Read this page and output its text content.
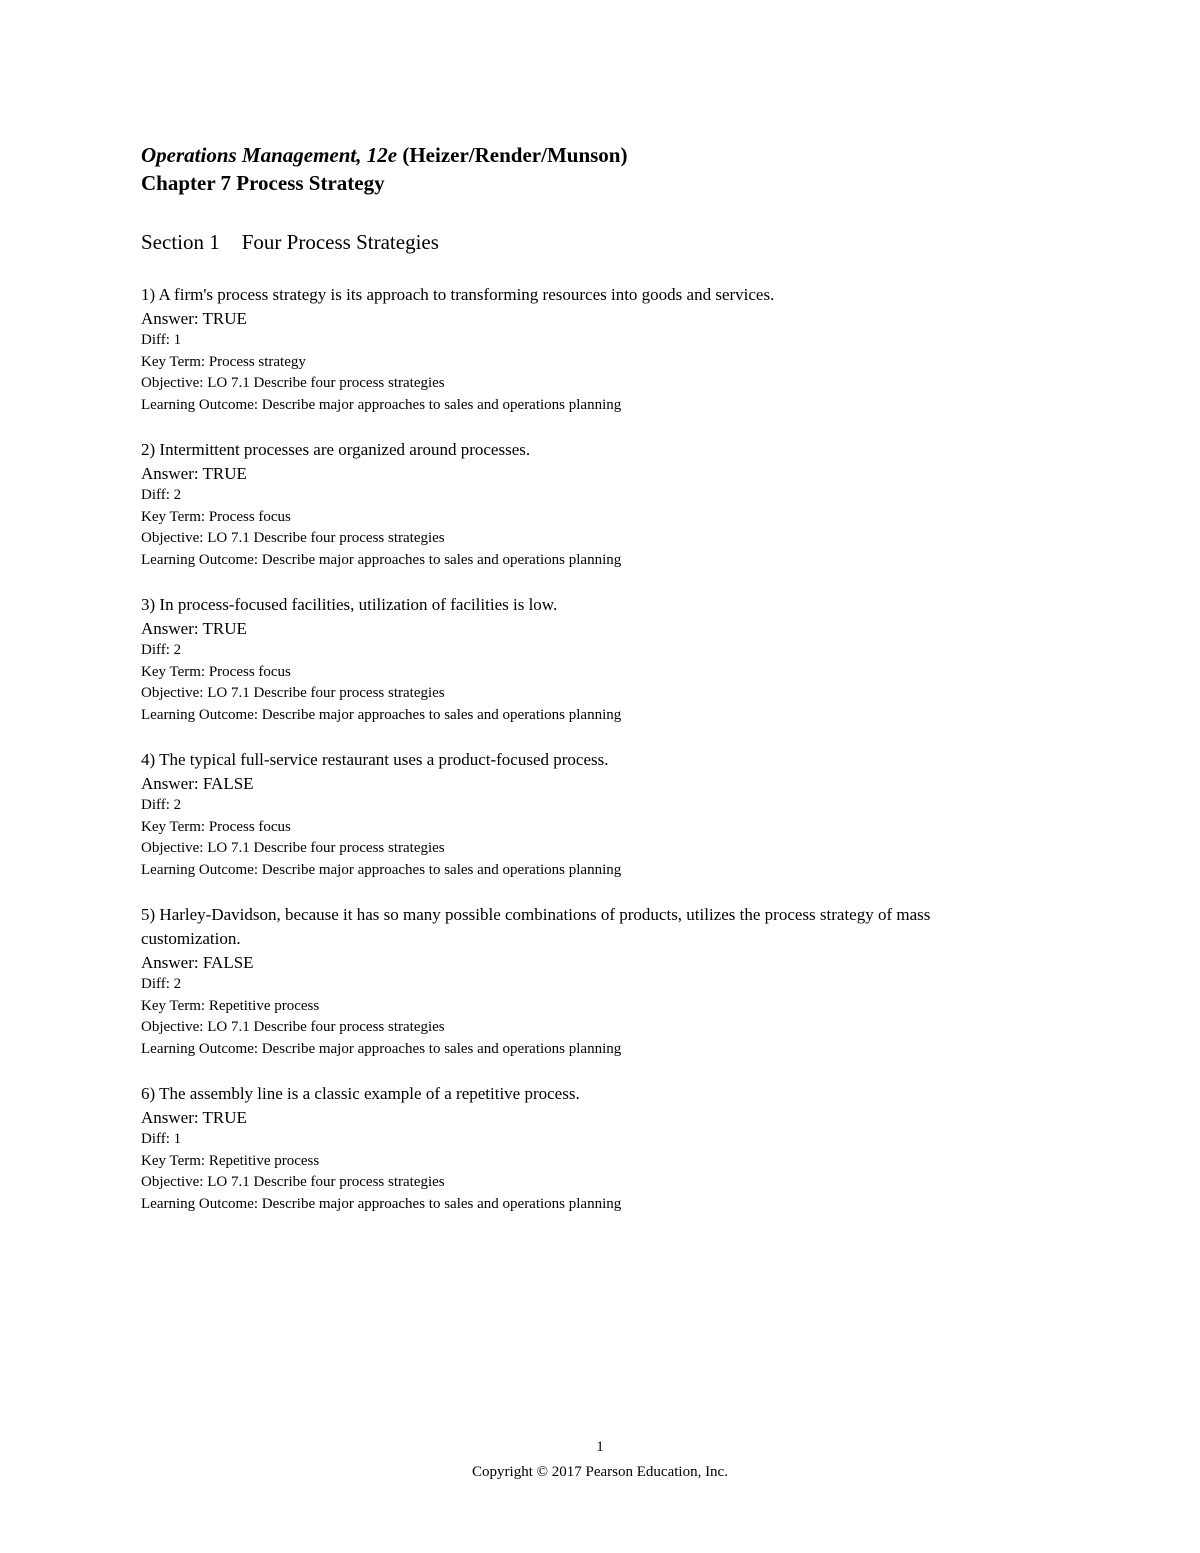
Operations Management, 12e (Heizer/Render/Munson)
Chapter 7 Process Strategy
Section 1 Four Process Strategies
1) A firm's process strategy is its approach to transforming resources into goods and services.
Answer: TRUE
Diff: 1
Key Term: Process strategy
Objective: LO 7.1 Describe four process strategies
Learning Outcome: Describe major approaches to sales and operations planning
2) Intermittent processes are organized around processes.
Answer: TRUE
Diff: 2
Key Term: Process focus
Objective: LO 7.1 Describe four process strategies
Learning Outcome: Describe major approaches to sales and operations planning
3) In process-focused facilities, utilization of facilities is low.
Answer: TRUE
Diff: 2
Key Term: Process focus
Objective: LO 7.1 Describe four process strategies
Learning Outcome: Describe major approaches to sales and operations planning
4) The typical full-service restaurant uses a product-focused process.
Answer: FALSE
Diff: 2
Key Term: Process focus
Objective: LO 7.1 Describe four process strategies
Learning Outcome: Describe major approaches to sales and operations planning
5) Harley-Davidson, because it has so many possible combinations of products, utilizes the process strategy of mass customization.
Answer: FALSE
Diff: 2
Key Term: Repetitive process
Objective: LO 7.1 Describe four process strategies
Learning Outcome: Describe major approaches to sales and operations planning
6) The assembly line is a classic example of a repetitive process.
Answer: TRUE
Diff: 1
Key Term: Repetitive process
Objective: LO 7.1 Describe four process strategies
Learning Outcome: Describe major approaches to sales and operations planning
1
Copyright © 2017 Pearson Education, Inc.
